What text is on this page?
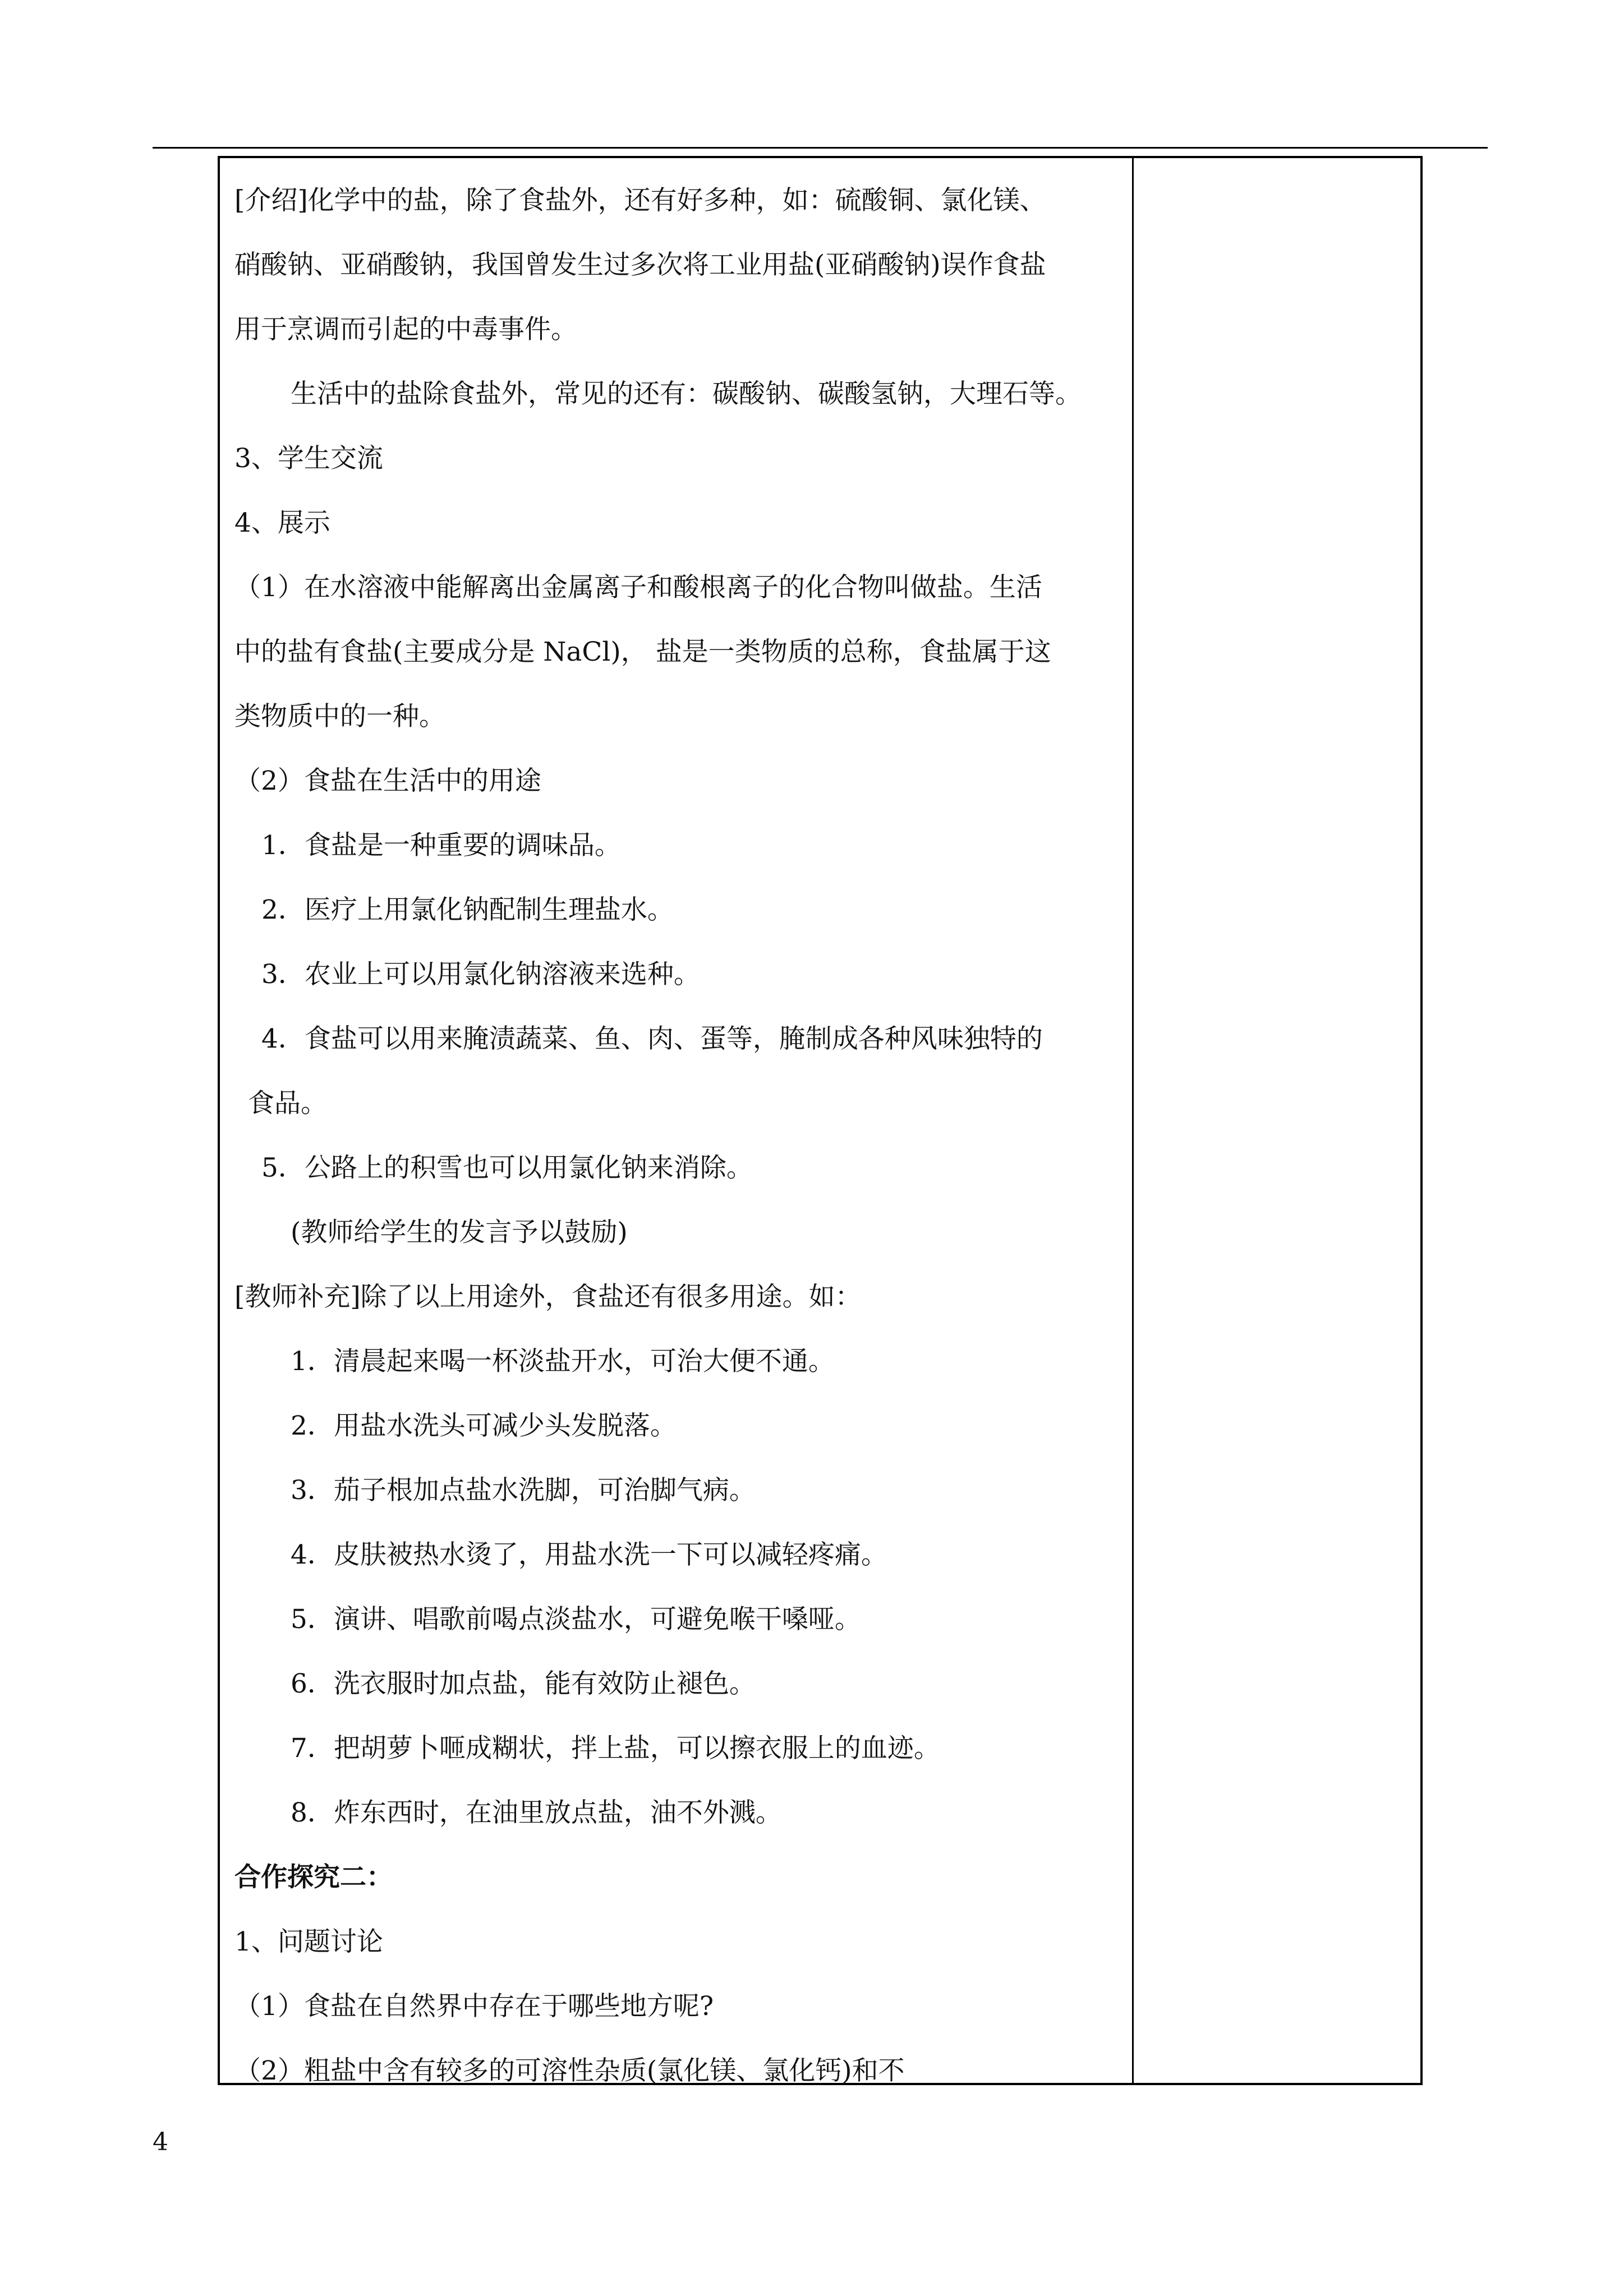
[介绍]化学中的盐，除了食盐外，还有好多种，如：硫酸铜、氯化镁、
硝酸钠、亚硝酸钠，我国曾发生过多次将工业用盐(亚硝酸钠)误作食盐
用于烹调而引起的中毒事件。
生活中的盐除食盐外，常见的还有：碳酸钠、碳酸氢钠，大理石等。
3、学生交流
4、展示
（1）在水溶液中能解离出金属离子和酸根离子的化合物叫做盐。生活
中的盐有食盐(主要成分是 NaCl)， 盐是一类物质的总称，食盐属于这
类物质中的一种。
（2）食盐在生活中的用途
1．食盐是一种重要的调味品。
2．医疗上用氯化钠配制生理盐水。
3．农业上可以用氯化钠溶液来选种。
4．食盐可以用来腌渍蔬菜、鱼、肉、蛋等，腌制成各种风味独特的
食品。
5．公路上的积雪也可以用氯化钠来消除。
(教师给学生的发言予以鼓励)
[教师补充]除了以上用途外，食盐还有很多用途。如：
1．清晨起来喝一杯淡盐开水，可治大便不通。
2．用盐水洗头可减少头发脱落。
3．茄子根加点盐水洗脚，可治脚气病。
4．皮肤被热水烫了，用盐水洗一下可以减轻疼痛。
5．演讲、唱歌前喝点淡盐水，可避免喉干嗓哑。
6．洗衣服时加点盐，能有效防止褪色。
7．把胡萝卜咂成糊状，拌上盐，可以擦衣服上的血迹。
8．炸东西时，在油里放点盐，油不外溅。
合作探究二：
1、问题讨论
（1）食盐在自然界中存在于哪些地方呢?
（2）粗盐中含有较多的可溶性杂质(氯化镁、氯化钙)和不
4
